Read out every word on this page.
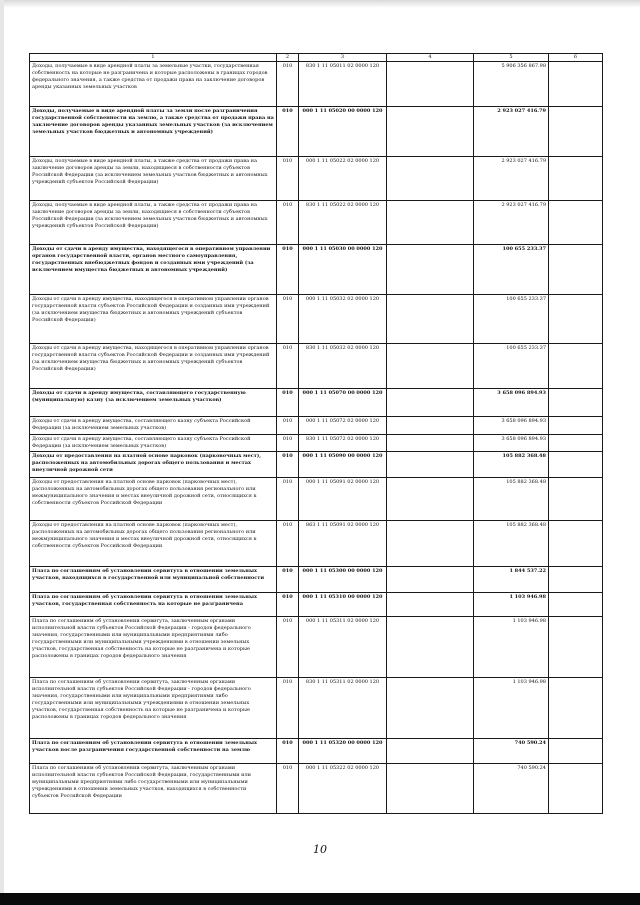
1	2	3	4	5	6
Доходы, получаемые в виде арендной платы за земельные участки, государственная собственность на которые не разграничена и которые расположены в границах городов федерального значения, а также средства от продажи права на заключение договоров аренды указанных земельных участков	010	830 1 11 05011 02 0000 120		5 906 356 867.98	
Доходы, получаемые в виде арендной платы за земли после разграничения государственной собственности на землю, а также средства от продажи права на заключение договоров аренды указанных земельных участков (за исключением земельных участков бюджетных и автономных учреждений)	010	000 1 11 05020 00 0000 120		2 923 027 416.79	
Доходы, получаемые в виде арендной платы, а также средства от продажи права на заключение договоров аренды за земли, находящиеся в собственности субъектов Российской Федерации (за исключением земельных участков бюджетных и автономных учреждений субъектов Российской Федерации)	010	000 1 11 05022 02 0000 120		2 923 027 416.79	
Доходы, получаемые в виде арендной платы, а также средства от продажи права на заключение договоров аренды за земли, находящиеся в собственности субъектов Российской Федерации (за исключением земельных участков бюджетных и автономных учреждений субъектов Российской Федерации)	010	830 1 11 05022 02 0000 120		2 923 027 416.79	
Доходы от сдачи в аренду имущества, находящегося в оперативном управлении органов государственной власти, органов местного самоуправления, государственных внебюджетных фондов и созданных ими учреждений (за исключением имущества бюджетных и автономных учреждений)	010	000 1 11 05030 00 0000 120		100 655 233.37	
Доходы от сдачи в аренду имущества, находящегося в оперативном управлении органов государственной власти субъектов Российской Федерации и созданных ими учреждений (за исключением имущества бюджетных и автономных учреждений субъектов Российской Федерации)	010	000 1 11 05032 02 0000 120		100 655 233.37	
Доходы от сдачи в аренду имущества, находящегося в оперативном управлении органов государственной власти субъектов Российской Федерации и созданных ими учреждений (за исключением имущества бюджетных и автономных учреждений субъектов Российской Федерации)	010	830 1 11 05032 02 0000 120		100 655 233.37	
Доходы от сдачи в аренду имущества, составляющего государственную (муниципальную) казну (за исключением земельных участков)	010	000 1 11 05070 00 0000 120		3 658 096 894.93	
Доходы от сдачи в аренду имущества, составляющего казну субъекта Российской Федерации (за исключением земельных участков)	010	000 1 11 05072 02 0000 120		3 658 096 894.93	
Доходы от сдачи в аренду имущества, составляющего казну субъекта Российской Федерации (за исключением земельных участков)	010	830 1 11 05072 02 0000 120		3 658 096 894.93	
Доходы от предоставления на платной основе парковок (парковочных мест), расположенных на автомобильных дорогах общего пользования и местах внеуличной дорожной сети	010	000 1 11 05090 00 0000 120		105 882 368.48	
Доходы от предоставления на платной основе парковок (парковочных мест), расположенных на автомобильных дорогах общего пользования регионального или межмуниципального значения и местах внеуличной дорожной сети, относящихся к собственности субъектов Российской Федерации	010	000 1 11 05091 02 0000 120		105 882 368.48	
Доходы от предоставления на платной основе парковок (парковочных мест), расположенных на автомобильных дорогах общего пользования регионального или межмуниципального значения и местах внеуличной дорожной сети, относящихся к собственности субъектов Российской Федерации	010	863 1 11 05091 02 0000 120		105 882 368.48	
Плата по соглашениям об установлении сервитута в отношении земельных участков, находящихся в государственной или муниципальной собственности	010	000 1 11 05300 00 0000 120		1 844 537.22	
Плата по соглашениям об установлении сервитута в отношении земельных участков, государственная собственность на которые не разграничена	010	000 1 11 05310 00 0000 120		1 103 946.98	
Плата по соглашениям об установлении сервитута, заключенным органами исполнительной власти субъектов Российской Федерации - городов федерального значения, государственными или муниципальными предприятиями либо государственными или муниципальными учреждениями в отношении земельных участков, государственная собственность на которые не разграничена и которые расположены в границах городов федерального значения	010	000 1 11 05311 02 0000 120		1 103 946.98	
Плата по соглашениям об установлении сервитута, заключенным органами исполнительной власти субъектов Российской Федерации - городов федерального значения, государственными или муниципальными предприятиями либо государственными или муниципальными учреждениями в отношении земельных участков, государственная собственность на которые не разграничена и которые расположены в границах городов федерального значения	010	830 1 11 05311 02 0000 120		1 103 946.98	
Плата по соглашениям об установлении сервитута в отношении земельных участков после разграничения государственной собственности на землю	010	000 1 11 05320 00 0000 120		740 590.24	
Плата по соглашениям об установлении сервитута, заключенным органами исполнительной власти субъектов Российской Федерации, государственными или муниципальными предприятиями либо государственными или муниципальными учреждениями в отношении земельных участков, находящихся в собственности субъектов Российской Федерации	010	000 1 11 05322 02 0000 120		740 590.24	
10
